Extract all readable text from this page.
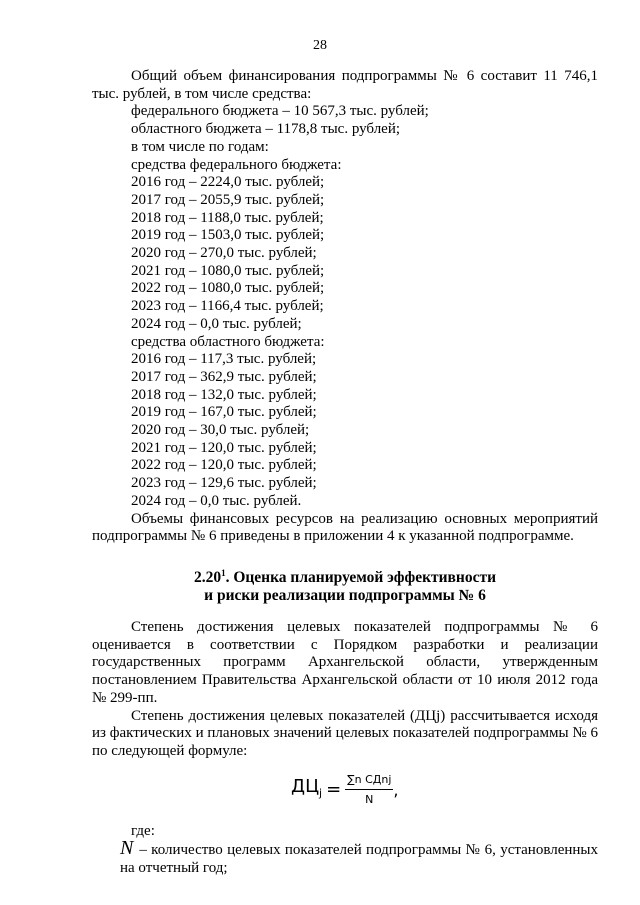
28

Общий объем финансирования подпрограммы № 6 составит 11 746,1 тыс. рублей, в том числе средства:

федерального бюджета – 10 567,3 тыс. рублей;

областного бюджета – 1178,8 тыс. рублей;

в том числе по годам:

средства федерального бюджета:

2016 год – 2224,0 тыс. рублей;

2017 год – 2055,9 тыс. рублей;

2018 год – 1188,0 тыс. рублей;

2019 год – 1503,0 тыс. рублей;

2020 год – 270,0 тыс. рублей;

2021 год – 1080,0 тыс. рублей;

2022 год – 1080,0 тыс. рублей;

2023 год – 1166,4 тыс. рублей;

2024 год – 0,0 тыс. рублей;

средства областного бюджета:

2016 год – 117,3 тыс. рублей;

2017 год – 362,9 тыс. рублей;

2018 год – 132,0 тыс. рублей;

2019 год – 167,0 тыс. рублей;

2020 год – 30,0 тыс. рублей;

2021 год – 120,0 тыс. рублей;

2022 год – 120,0 тыс. рублей;

2023 год – 129,6 тыс. рублей;

2024 год – 0,0 тыс. рублей.

Объемы финансовых ресурсов на реализацию основных мероприятий подпрограммы № 6 приведены в приложении 4 к указанной подпрограмме.

2.20$^1$. Оценка планируемой эффективности
и риски реализации подпрограммы № 6

Степень достижения целевых показателей подпрограммы № 6 оценивается в соответствии с Порядком разработки и реализации государственных программ Архангельской области, утвержденным постановлением Правительства Архангельской области от 10 июля 2012 года № 299-пп.

Степень достижения целевых показателей (ДЦj) рассчитывается исходя из фактических и плановых значений целевых показателей подпрограммы № 6 по следующей формуле:

$ДЦ_j = \frac{\text{∑n СДnj}}{N}$ ,

где:

N – количество целевых показателей подпрограммы № 6, установленных на отчетный год;
